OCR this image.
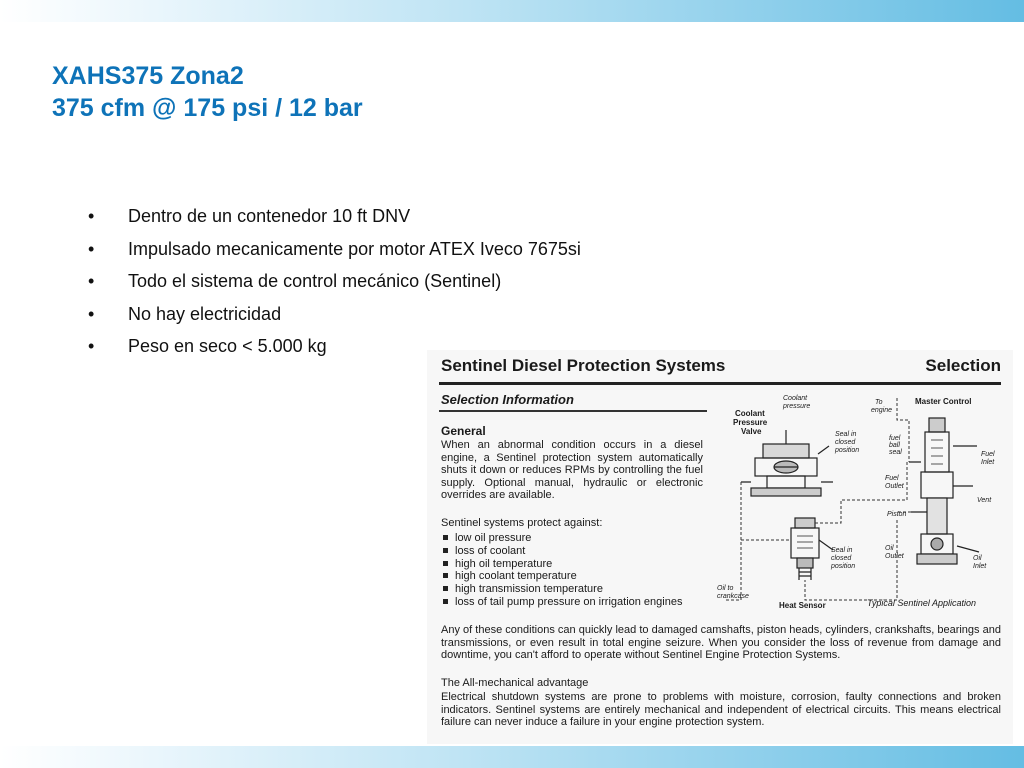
XAHS375 Zona2
375 cfm @ 175 psi / 12 bar
• Dentro de un contenedor 10 ft DNV
• Impulsado mecanicamente por motor ATEX Iveco 7675si
• Todo el sistema de control mecánico (Sentinel)
• No hay electricidad
• Peso en seco < 5.000 kg
Sentinel Diesel Protection Systems	Selection
Selection Information
General
When an abnormal condition occurs in a diesel engine, a Sentinel protection system automatically shuts it down or reduces RPMs by controlling the fuel supply. Optional manual, hydraulic or electronic overrides are available.
Sentinel systems protect against:
low oil pressure
loss of coolant
high oil temperature
high coolant temperature
high transmission temperature
loss of tail pump pressure on irrigation engines
Any of these conditions can quickly lead to damaged camshafts, piston heads, cylinders, crankshafts, bearings and transmissions, or even result in total engine seizure. When you consider the loss of revenue from damage and downtime, you can't afford to operate without Sentinel Engine Protection Systems.
The All-mechanical advantage
Electrical shutdown systems are prone to problems with moisture, corrosion, faulty connections and broken indicators. Sentinel systems are entirely mechanical and independent of electrical circuits. This means electrical failure can never induce a failure in your engine protection system.
Coolant
pressure
Coolant
Pressure
Valve
To
engine
Master Control
Seal in
closed
position
fuel
ball
seal	Fuel
Inlet
Fuel
Outlet
Vent
Piston
Seal in
closed
position
Oil
Outlet	Oil
Inlet
Oil to
crankcase
Heat Sensor	Typical Sentinel Application
